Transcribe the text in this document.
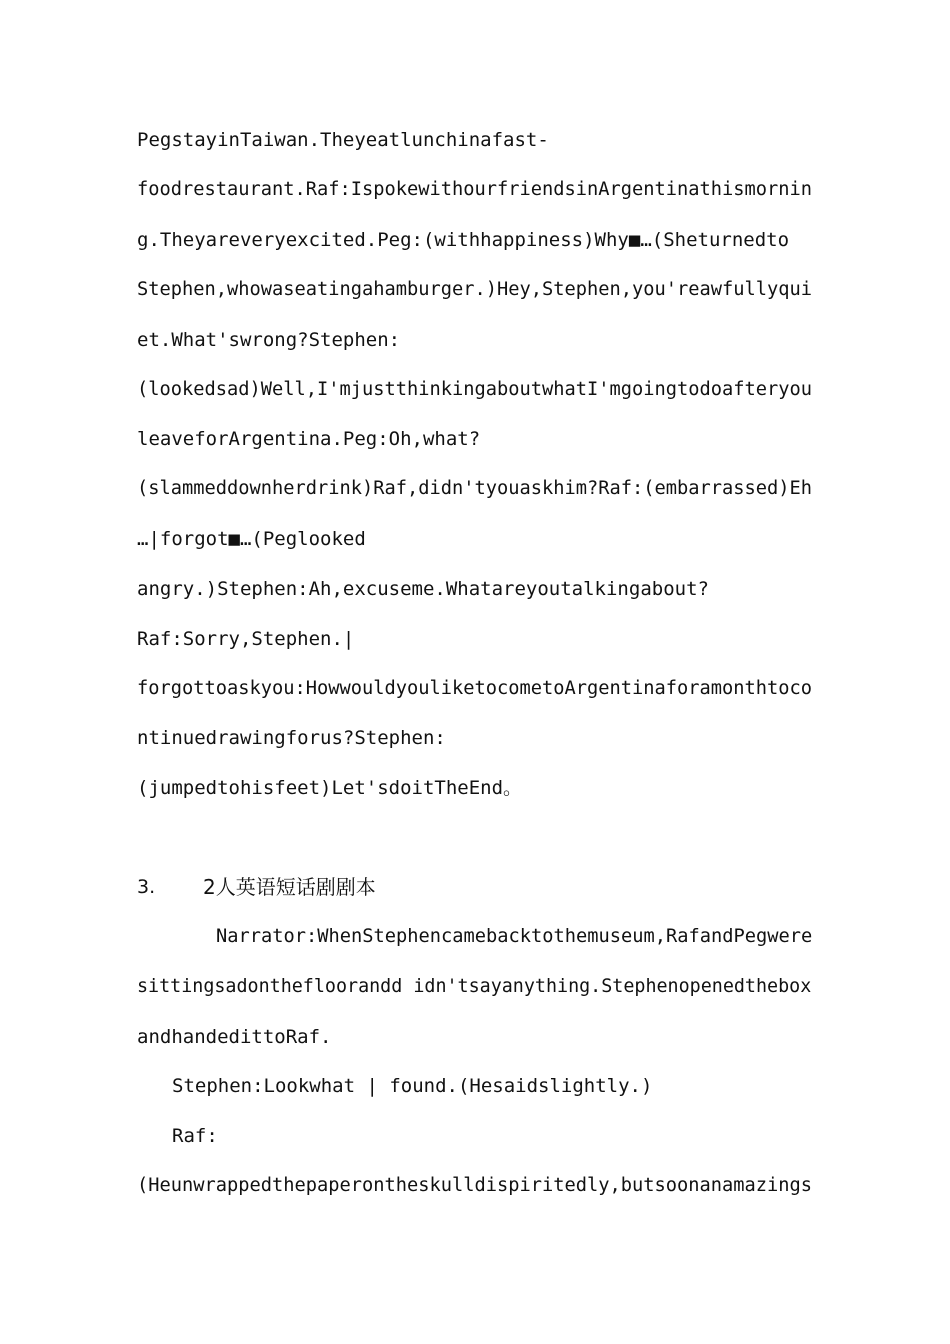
PegstayinTaiwan.Theyeatlunchinafast-
foodrestaurant.Raf:IspokewithourfriendsinArgentinathismornin
g.Theyareveryexcited.Peg:(withhappiness)Why■…(Sheturnedto
Stephen,whowaseatingahamburger.)Hey,Stephen,you'reawfullyqui
et.What'swrong?Stephen:
(lookedsad)Well,I'mjustthinkingaboutwhatI'mgoingtodoafteryou
leaveforArgentina.Peg:Oh,what?
(slammeddownherdrink)Raf,didn'tyouaskhim?Raf:(embarrassed)Eh
…|forgot■…(Peglooked
angry.)Stephen:Ah,excuseme.Whatareyoutalkingabout?
Raf:Sorry,Stephen.|
forgottoaskyou:HowwouldyouliketocometoArgentinaforamonthtoco
ntinuedrawingforus?Stephen:
(jumpedtohisfeet)Let'sdoitTheEnd。
3. 2人英语短话剧剧本
Narrator:WhenStephencamebacktothemuseum,RafandPegwere
sittingsadonthefloorandd idn'tsayanything.Stephenopenedthebox
andhandedittoRaf.
Stephen:Lookwhat | found.(Hesaidslightly.)
Raf:
(Heunwrappedthepaperontheskulldispiritedly,butsoonanamazings
